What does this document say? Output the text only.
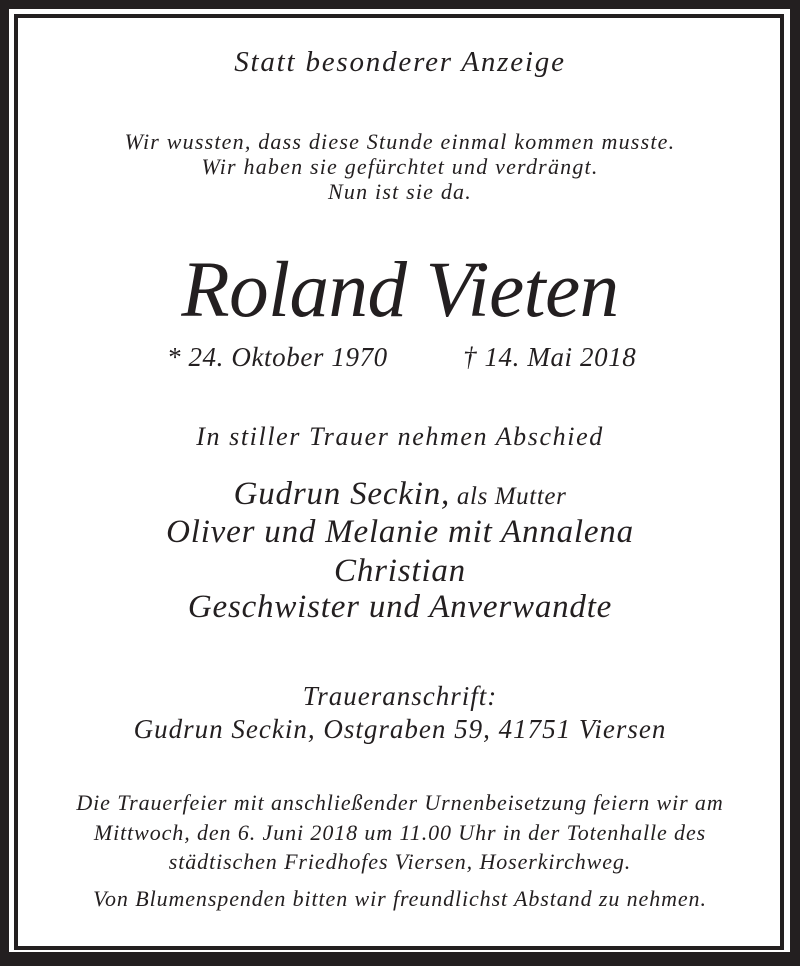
Statt besonderer Anzeige
Wir wussten, dass diese Stunde einmal kommen musste.
Wir haben sie gefürchtet und verdrängt.
Nun ist sie da.
Roland Vieten
* 24. Oktober 1970	† 14. Mai 2018
In stiller Trauer nehmen Abschied
Gudrun Seckin, als Mutter
Oliver und Melanie mit Annalena
Christian
Geschwister und Anverwandte
Traueranschrift:
Gudrun Seckin, Ostgraben 59, 41751 Viersen
Die Trauerfeier mit anschließender Urnenbeisetzung feiern wir am
Mittwoch, den 6. Juni 2018 um 11.00 Uhr in der Totenhalle des
städtischen Friedhofes Viersen, Hoserkirchweg.
Von Blumenspenden bitten wir freundlichst Abstand zu nehmen.
